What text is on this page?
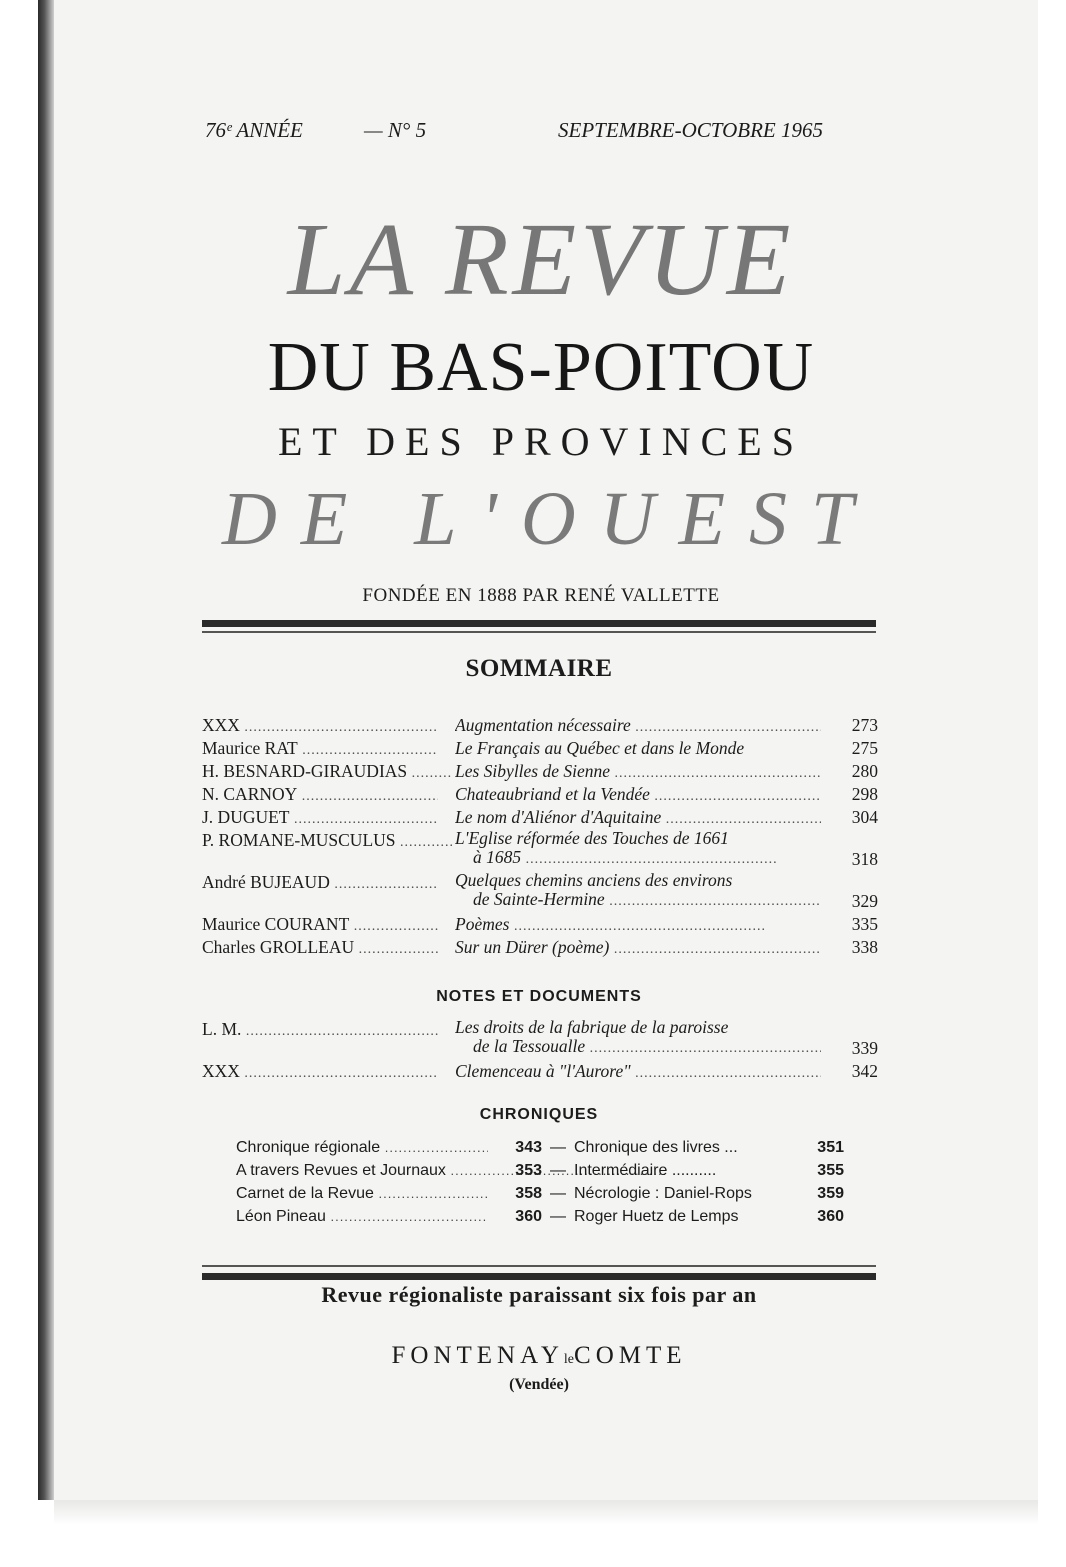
76ᵉ ANNÉE	— N° 5	SEPTEMBRE-OCTOBRE 1965
LA REVUE
DU BAS-POITOU
ET DES PROVINCES
DE L'OUEST
FONDÉE EN 1888 PAR RENÉ VALLETTE
SOMMAIRE
XXX .....	Augmentation nécessaire .....	273
Maurice RAT .....	Le Français au Québec et dans le Monde	275
H. BESNARD-GIRAUDIAS .....	Les Sibylles de Sienne .....	280
N. CARNOY .....	Chateaubriand et la Vendée .....	298
J. DUGUET .....	Le nom d'Aliénor d'Aquitaine .....	304
P. ROMANE-MUSCULUS .....	L'Eglise réformée des Touches de 1661
à 1685 .....	318
André BUJEAUD .....	Quelques chemins anciens des environs
de Sainte-Hermine .....	329
Maurice COURANT .....	Poèmes .....	335
Charles GROLLEAU .....	Sur un Dürer (poème) .....	338
NOTES ET DOCUMENTS
L. M. .....	Les droits de la fabrique de la paroisse
de la Tessoualle .....	339
XXX .....	Clemenceau à "l'Aurore" .....	342
CHRONIQUES
Chronique régionale .....	343 — Chronique des livres ...	351
A travers Revues et Journaux .....	353 — Intermédiaire ..........	355
Carnet de la Revue .....	358 — Nécrologie : Daniel-Rops	359
Léon Pineau .....	360 — Roger Huetz de Lemps	360
Revue régionaliste paraissant six fois par an
FONTENAYleCOMTE
(Vendée)
